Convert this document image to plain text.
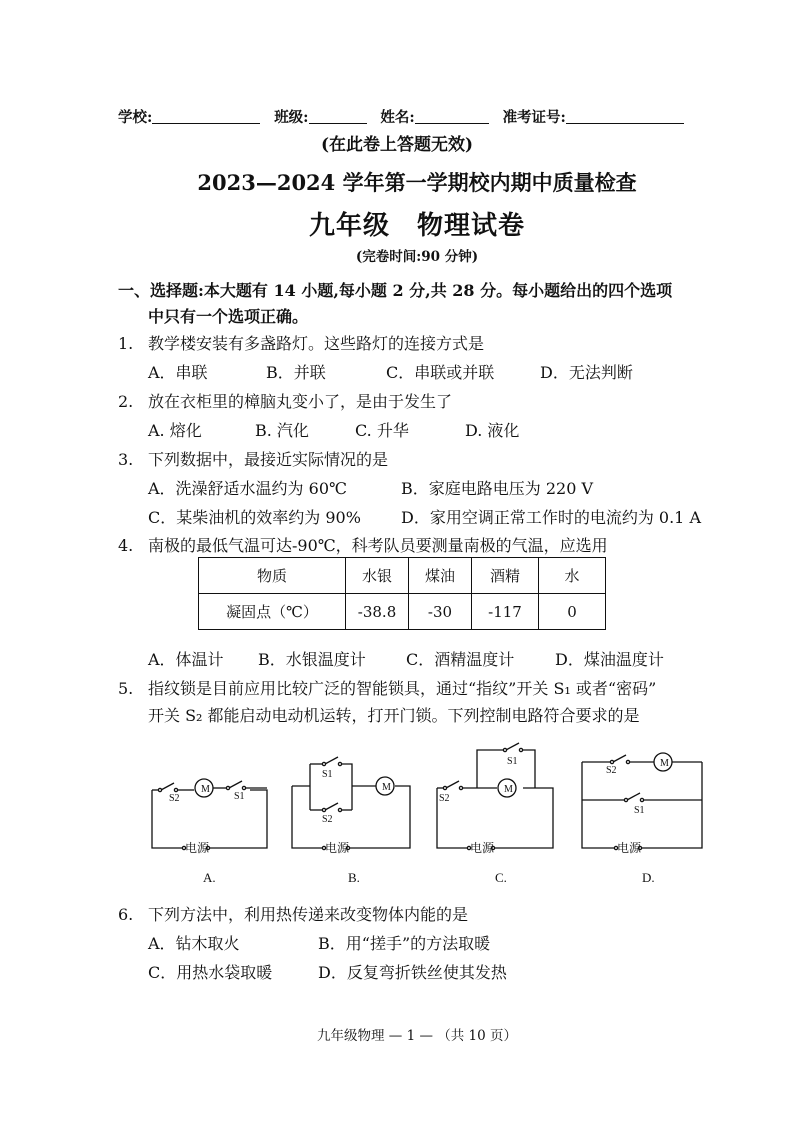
学校:	班级:	姓名:	准考证号:
(在此卷上答题无效)
2023—2024 学年第一学期校内期中质量检查
九年级　物理试卷
(完卷时间:90 分钟)
一、选择题:本大题有 14 小题,每小题 2 分,共 28 分。每小题给出的四个选项
中只有一个选项正确。
1. 教学楼安装有多盏路灯。这些路灯的连接方式是
A．串联	B．并联	C．串联或并联	D．无法判断
2. 放在衣柜里的樟脑丸变小了，是由于发生了
A. 熔化	B. 汽化	C. 升华	D. 液化
3. 下列数据中，最接近实际情况的是
A．洗澡舒适水温约为 60℃	B．家庭电路电压为 220 V
C．某柴油机的效率约为 90%	D．家用空调正常工作时的电流约为 0.1 A
4. 南极的最低气温可达-90℃，科考队员要测量南极的气温，应选用
物质	水银	煤油	酒精	水
凝固点（℃）	-38.8	-30	-117	0
A．体温计 B．水银温度计	C．酒精温度计	D．煤油温度计
5. 指纹锁是目前应用比较广泛的智能锁具，通过“指纹”开关 S₁ 或者“密码”
开关 S₂ 都能启动电动机运转，打开门锁。下列控制电路符合要求的是
S2	S1
M
电源
A.
S1
S2
M
电源
B.
S2
S1
M
电源
C.
S2
S1
M
电源
D.
6. 下列方法中，利用热传递来改变物体内能的是
A．钻木取火	B．用“搓手”的方法取暖
C．用热水袋取暖	D．反复弯折铁丝使其发热
九年级物理 — 1 — （共 10 页）
